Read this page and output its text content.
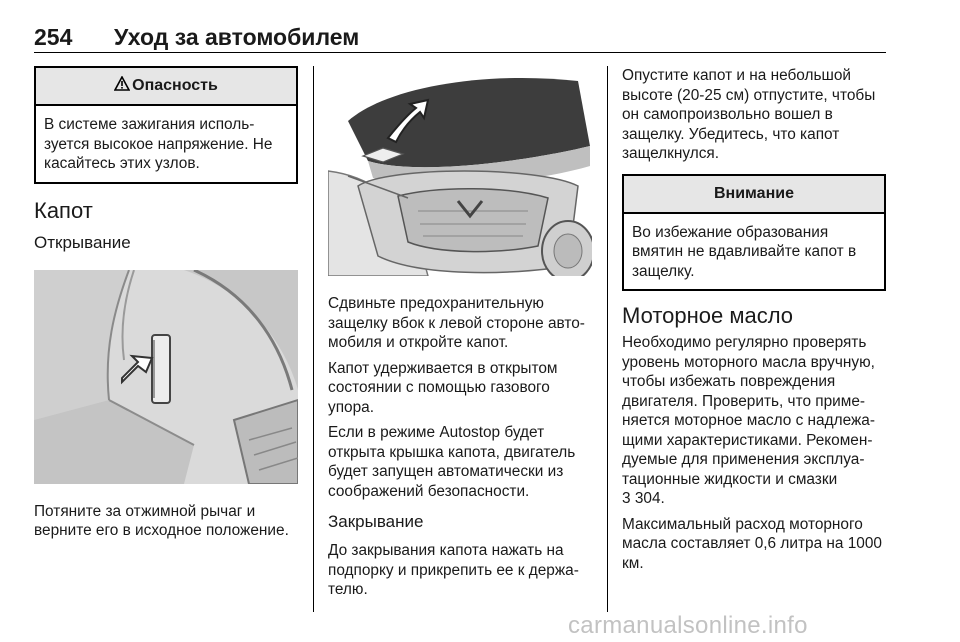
254	Уход за автомобилем
Опасность

В системе зажигания исполь-
зуется высокое напряжение. Не касайтесь этих узлов.

Капот
Открывание

Потяните за отжимной рычаг и верните его в исходное положение.

Сдвиньте предохранительную защелку вбок к левой стороне авто-мобиля и откройте капот.

Капот удерживается в открытом состоянии с помощью газового упора.

Если в режиме Autostop будет открыта крышка капота, двигатель будет запущен автоматически из соображений безопасности.

Закрывание

До закрывания капота нажать на подпорку и прикрепить ее к держа-телю.

Опустите капот и на небольшой высоте (20-25 см) отпустите, чтобы он самопроизвольно вошел в защелку. Убедитесь, что капот защелкнулся.

Внимание

Во избежание образования вмятин не вдавливайте капот в защелку.

Моторное масло

Необходимо регулярно проверять уровень моторного масла вручную, чтобы избежать повреждения двигателя. Проверить, что приме-няется моторное масло с надлежа-щими характеристиками. Рекомен-дуемые для применения эксплуа-тационные жидкости и смазки

3 304.

Максимальный расход моторного масла составляет 0,6 литра на 1000 км.

carmanualsonline.info
